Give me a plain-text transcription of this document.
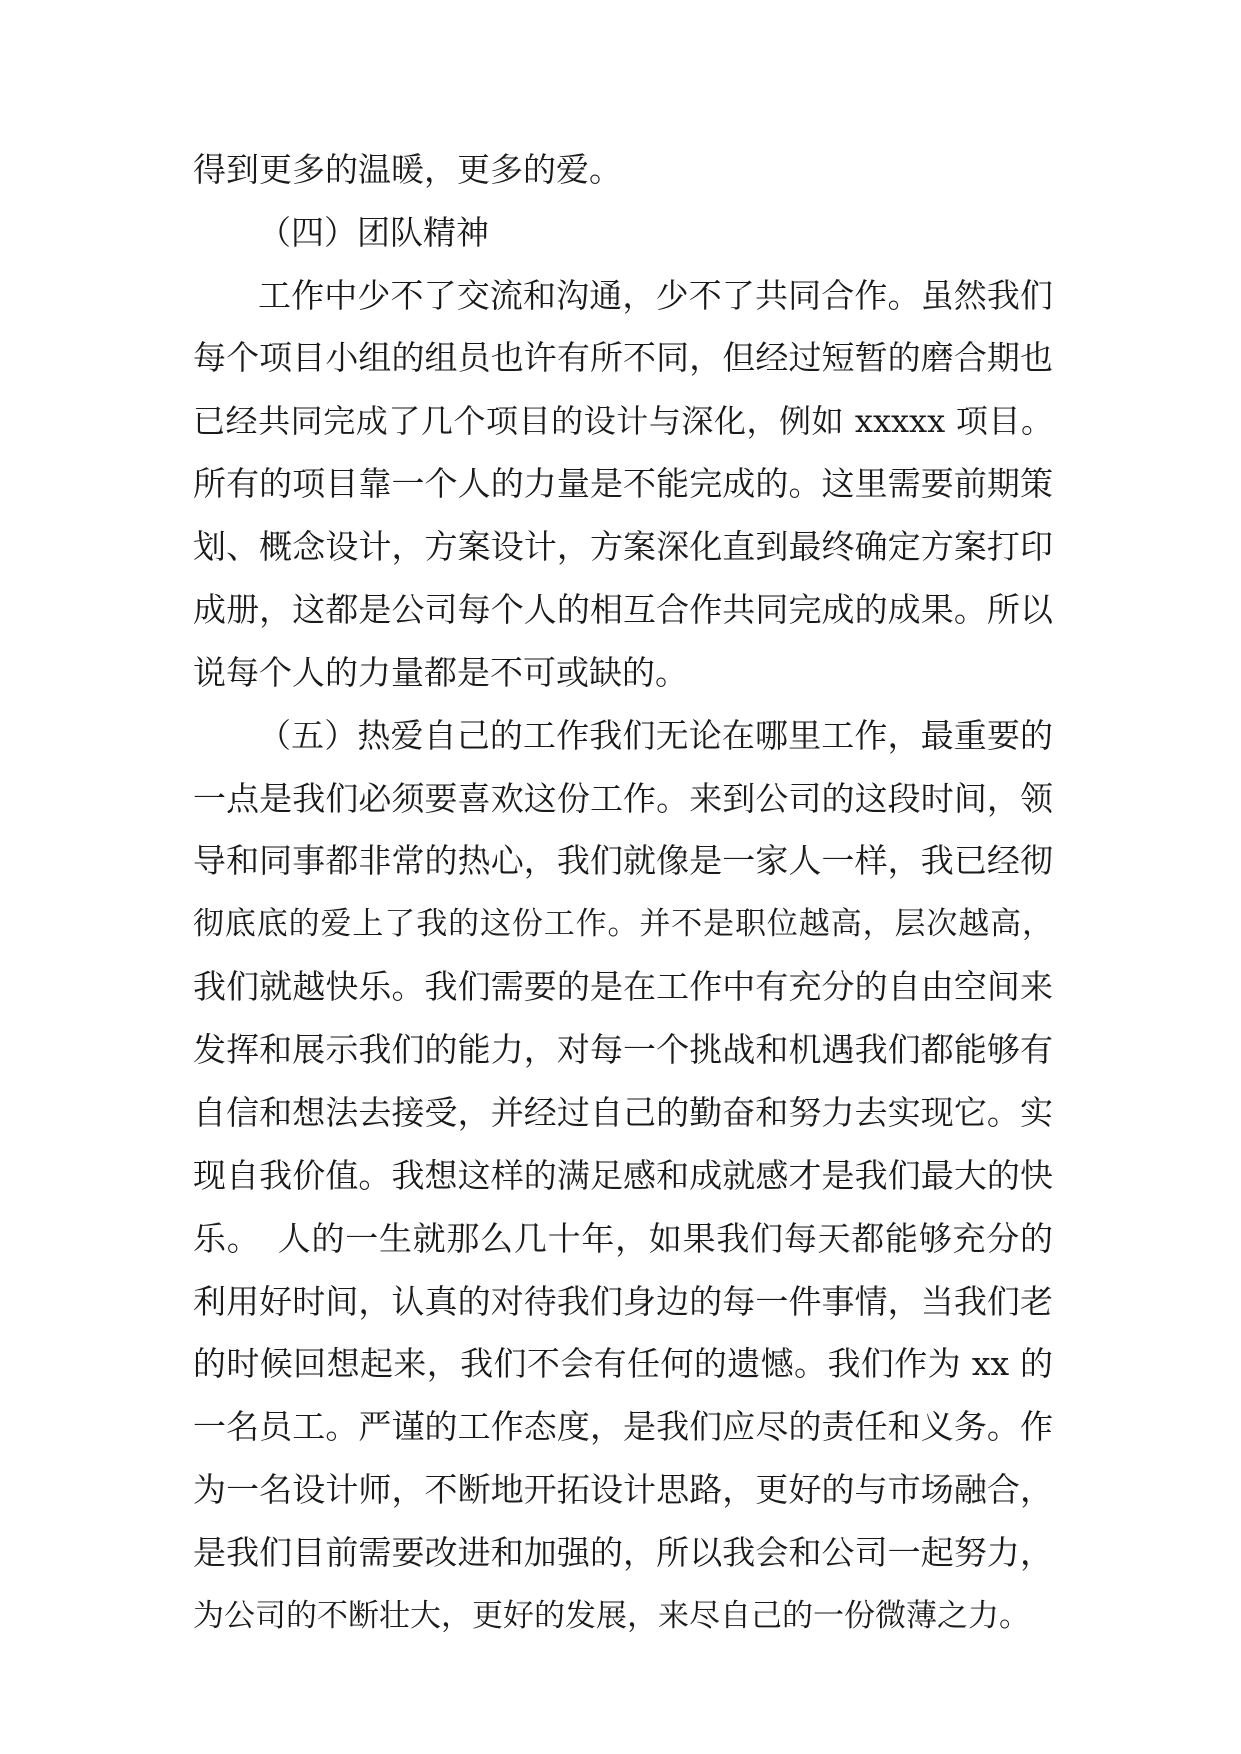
得到更多的温暖，更多的爱。
（四）团队精神
工作中少不了交流和沟通，少不了共同合作。虽然我们
每个项目小组的组员也许有所不同，但经过短暂的磨合期也
已经共同完成了几个项目的设计与深化，例如 xxxxx 项目。
所有的项目靠一个人的力量是不能完成的。这里需要前期策
划、概念设计，方案设计，方案深化直到最终确定方案打印
成册，这都是公司每个人的相互合作共同完成的成果。所以
说每个人的力量都是不可或缺的。
（五）热爱自己的工作我们无论在哪里工作，最重要的
一点是我们必须要喜欢这份工作。来到公司的这段时间，领
导和同事都非常的热心，我们就像是一家人一样，我已经彻
彻底底的爱上了我的这份工作。并不是职位越高，层次越高，
我们就越快乐。我们需要的是在工作中有充分的自由空间来
发挥和展示我们的能力，对每一个挑战和机遇我们都能够有
自信和想法去接受，并经过自己的勤奋和努力去实现它。实
现自我价值。我想这样的满足感和成就感才是我们最大的快
乐。　人的一生就那么几十年，如果我们每天都能够充分的
利用好时间，认真的对待我们身边的每一件事情，当我们老
的时候回想起来，我们不会有任何的遗憾。我们作为 xx 的
一名员工。严谨的工作态度，是我们应尽的责任和义务。作
为一名设计师，不断地开拓设计思路，更好的与市场融合，
是我们目前需要改进和加强的，所以我会和公司一起努力，
为公司的不断壮大，更好的发展，来尽自己的一份微薄之力。
